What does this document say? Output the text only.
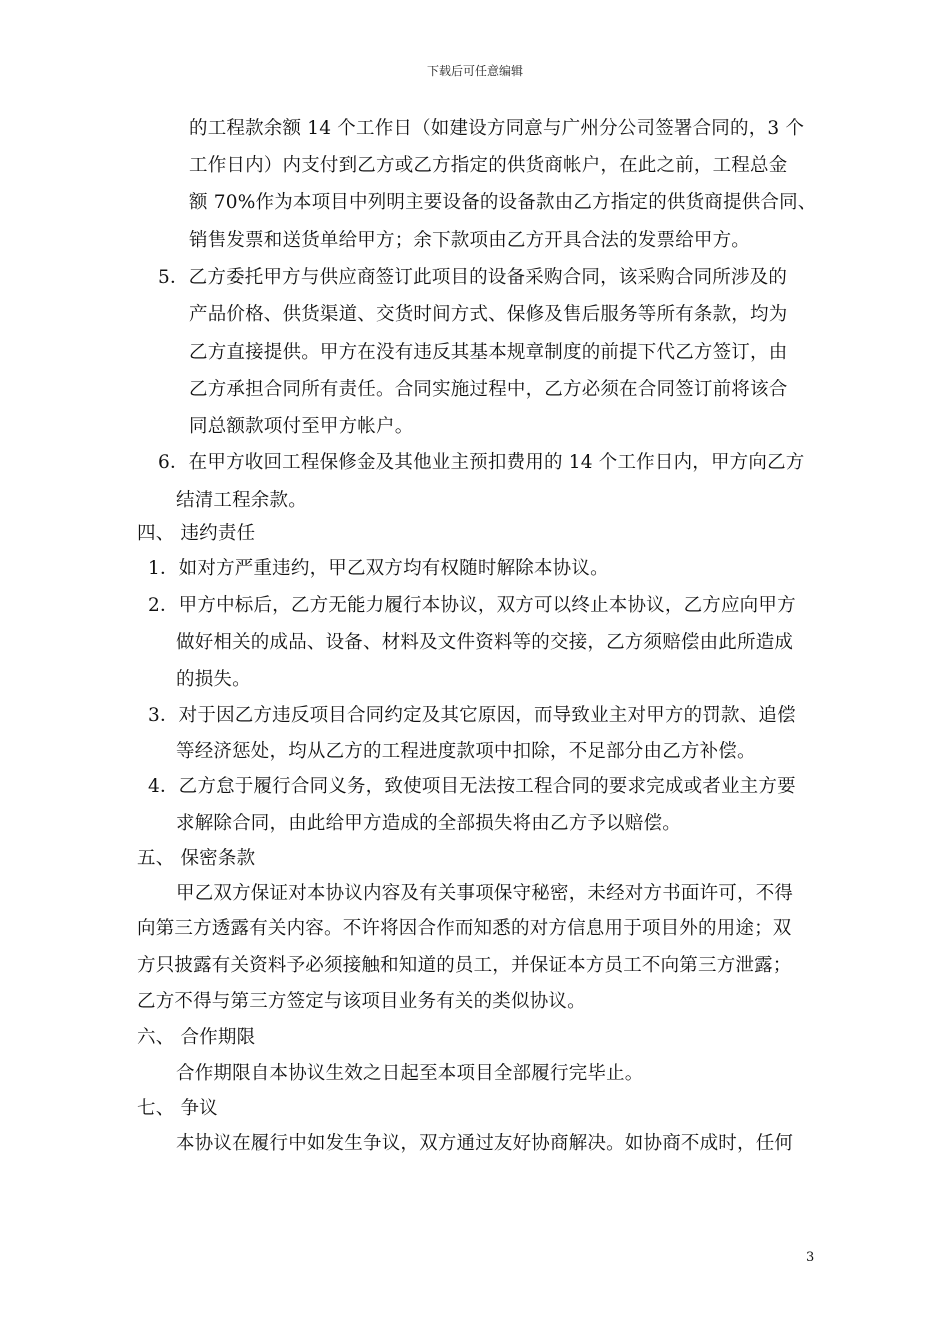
下载后可任意编辑
的工程款余额 14 个工作日（如建设方同意与广州分公司签署合同的，3 个
工作日内）内支付到乙方或乙方指定的供货商帐户，在此之前，工程总金
额 70%作为本项目中列明主要设备的设备款由乙方指定的供货商提供合同、
销售发票和送货单给甲方；余下款项由乙方开具合法的发票给甲方。
5．乙方委托甲方与供应商签订此项目的设备采购合同，该采购合同所涉及的
产品价格、供货渠道、交货时间方式、保修及售后服务等所有条款，均为
乙方直接提供。甲方在没有违反其基本规章制度的前提下代乙方签订，由
乙方承担合同所有责任。合同实施过程中，乙方必须在合同签订前将该合
同总额款项付至甲方帐户。
6．在甲方收回工程保修金及其他业主预扣费用的 14 个工作日内，甲方向乙方
结清工程余款。
四、 违约责任
1．如对方严重违约，甲乙双方均有权随时解除本协议。
2．甲方中标后，乙方无能力履行本协议，双方可以终止本协议，乙方应向甲方
做好相关的成品、设备、材料及文件资料等的交接，乙方须赔偿由此所造成
的损失。
3．对于因乙方违反项目合同约定及其它原因，而导致业主对甲方的罚款、追偿
等经济惩处，均从乙方的工程进度款项中扣除，不足部分由乙方补偿。
4．乙方怠于履行合同义务，致使项目无法按工程合同的要求完成或者业主方要
求解除合同，由此给甲方造成的全部损失将由乙方予以赔偿。
五、 保密条款
甲乙双方保证对本协议内容及有关事项保守秘密，未经对方书面许可，不得
向第三方透露有关内容。不许将因合作而知悉的对方信息用于项目外的用途；双
方只披露有关资料予必须接触和知道的员工，并保证本方员工不向第三方泄露；
乙方不得与第三方签定与该项目业务有关的类似协议。
六、 合作期限
合作期限自本协议生效之日起至本项目全部履行完毕止。
七、 争议
本协议在履行中如发生争议，双方通过友好协商解决。如协商不成时，任何
3
